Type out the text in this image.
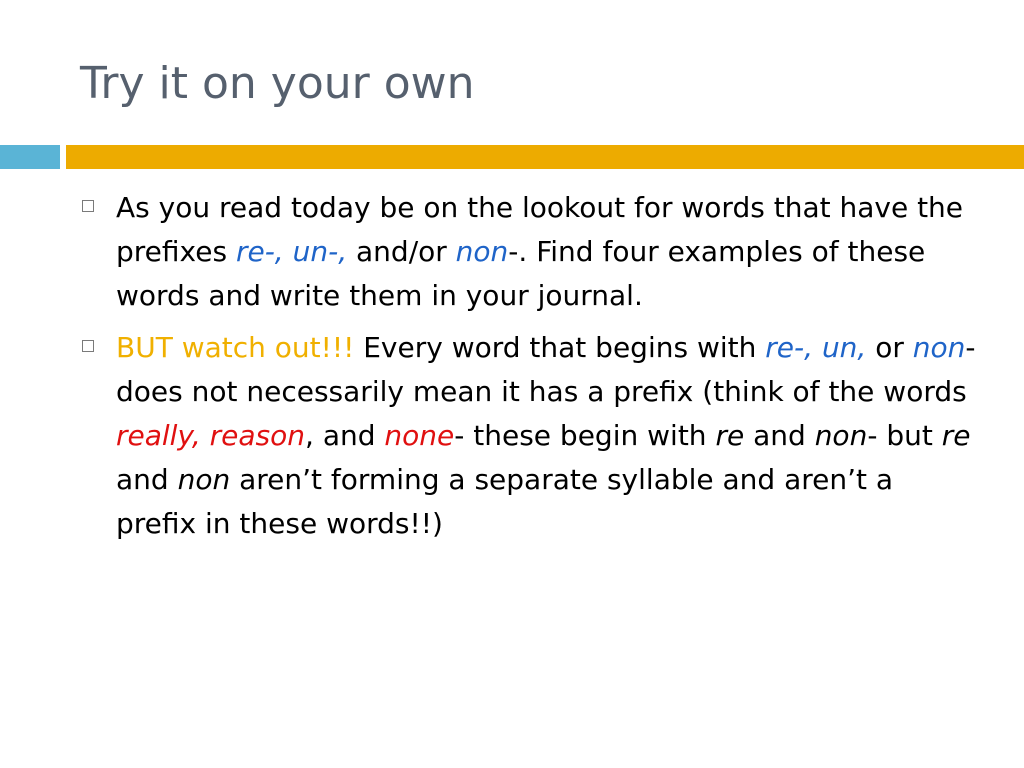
Try it on your own
As you read today be on the lookout for words that have the prefixes re-, un-, and/or non-. Find four examples of these words and write them in your journal.
BUT watch out!!! Every word that begins with re-, un, or non- does not necessarily mean it has a prefix (think of the words really, reason, and none- these begin with re and non- but re and non aren’t forming a separate syllable and aren’t a prefix in these words!!)
